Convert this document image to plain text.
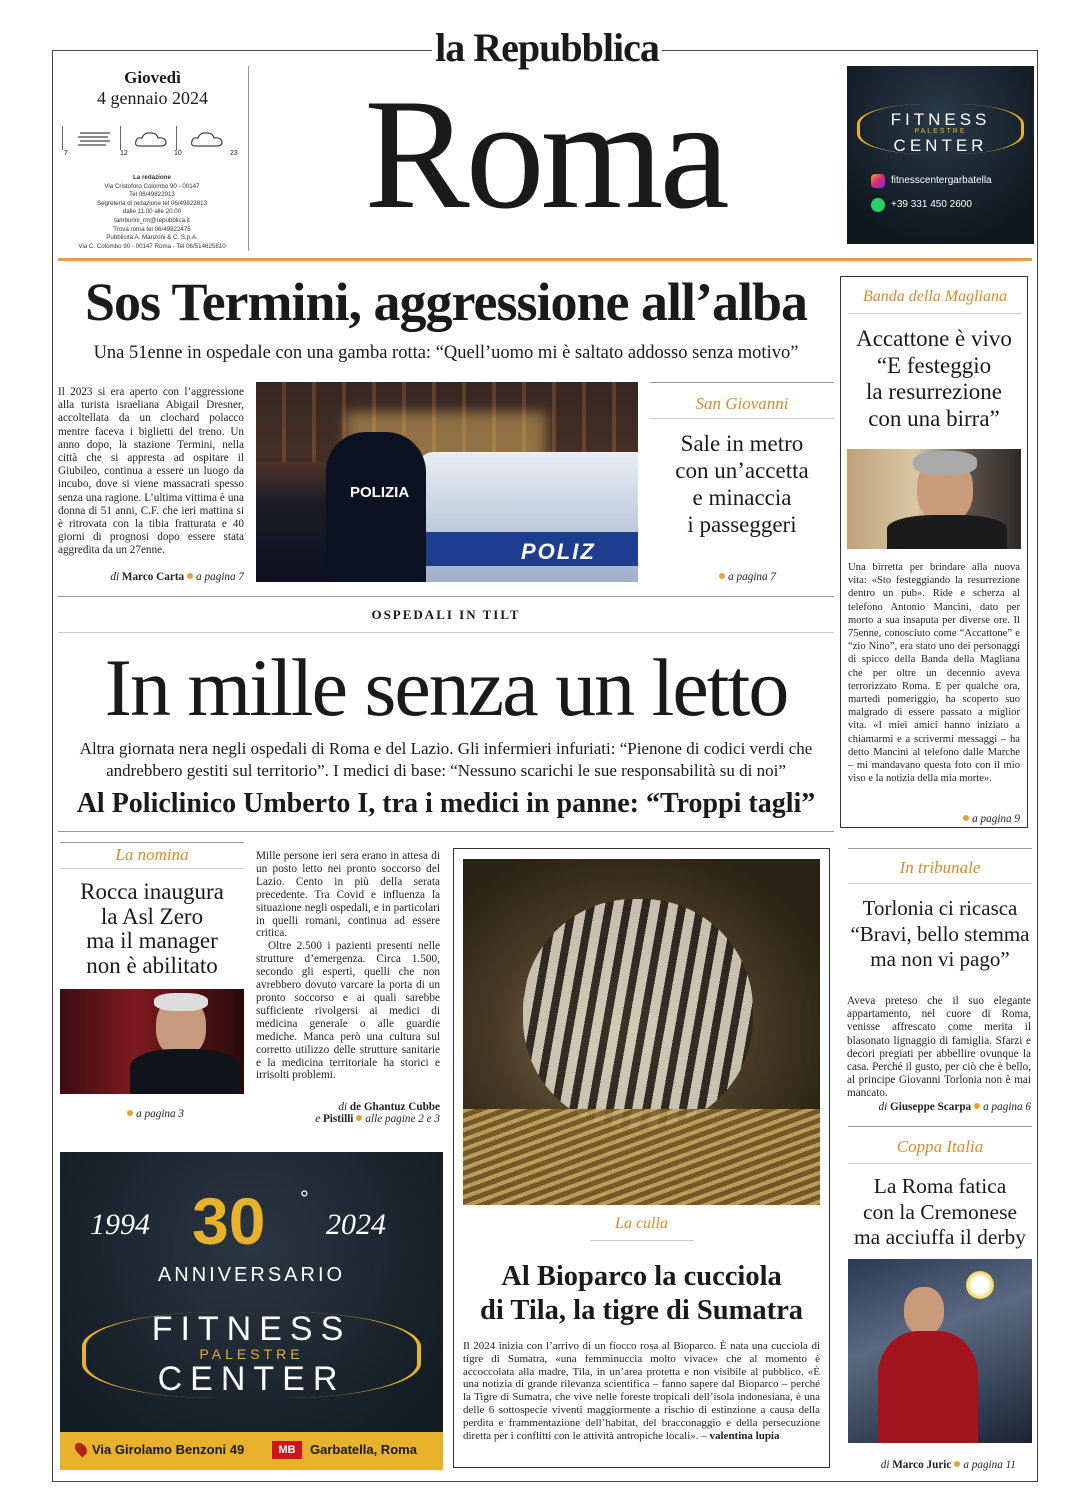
la Repubblica
Roma
Giovedì
4 gennaio 2024
7	12	10	23
La redazione
Via Cristoforo Colombo 90 - 00147
Tel 06/49822913
Segreteria di redazione tel 06/49822813
dalle 11.00 alle 20.00
tamburini_rm@repubblica.it
Trova roma tel 06/49822475
Pubblicità A. Manzoni & C. S.p.A.
Via C. Colombo 90 - 00147 Roma - Tel 06/514625810
FITNESS
PALESTRE
CENTER
fitnesscentergarbatella
+39 331 450 2600
Sos Termini, aggressione all’alba
Una 51enne in ospedale con una gamba rotta: “Quell’uomo mi è saltato addosso senza motivo”
Il 2023 si era aperto con l’aggressione alla turista israeliana Abigail Dresner, accoltellata da un clochard polacco mentre faceva i biglietti del treno. Un anno dopo, la stazione Termini, nella città che si appresta ad ospitare il Giubileo, continua a essere un luogo da incubo, dove si viene massacrati spesso senza una ragione. L’ultima vittima è una donna di 51 anni, C.F. che ieri mattina si è ritrovata con la tibia fratturata e 40 giorni di prognosi dopo essere stata aggredita da un 27enne.
di Marco Carta a pagina 7
POLIZ
POLIZIA
San Giovanni
Sale in metro
con un’accetta
e minaccia
i passeggeri
a pagina 7
Banda della Magliana
Accattone è vivo
“E festeggio
la resurrezione
con una birra”
Una birretta per brindare alla nuova vita: «Sto festeggiando la resurrezione dentro un pub». Ride e scherza al telefono Antonio Mancini, dato per morto a sua insaputa per diverse ore. Il 75enne, conosciuto come “Accattone” e “zio Nino”, era stato uno dei personaggi di spicco della Banda della Magliana che per oltre un decennio aveva terrorizzato Roma. E per qualche ora, martedì pomeriggio, ha scoperto suo malgrado di essere passato a miglior vita. «I miei amici hanno iniziato a chiamarmi e a scrivermi messaggi – ha detto Mancini al telefono dalle Marche – mi mandavano questa foto con il mio viso e la notizia della mia morte».
a pagina 9
OSPEDALI IN TILT
In mille senza un letto
Altra giornata nera negli ospedali di Roma e del Lazio. Gli infermieri infuriati: “Pienone di codici verdi che andrebbero gestiti sul territorio”. I medici di base: “Nessuno scarichi le sue responsabilità su di noi”
Al Policlinico Umberto I, tra i medici in panne: “Troppi tagli”
Mille persone ieri sera erano in attesa di un posto letto nei pronto soccorso del Lazio. Cento in più della serata precedente. Tra Covid e influenza la situazione negli ospedali, e in particolari in quelli romani, continua ad essere critica.
Oltre 2.500 i pazienti presenti nelle strutture d’emergenza. Circa 1.500, secondo gli esperti, quelli che non avrebbero dovuto varcare la porta di un pronto soccorso e ai quali sarebbe sufficiente rivolgersi ai medici di medicina generale o alle guardie mediche. Manca però una cultura sul corretto utilizzo delle strutture sanitarie e la medicina territoriale ha storici e irrisolti problemi.
di de Ghantuz Cubbe
e Pistilli alle pagine 2 e 3
La nomina
Rocca inaugura
la Asl Zero
ma il manager
non è abilitato
a pagina 3
La culla
Al Bioparco la cucciola
di Tila, la tigre di Sumatra
Il 2024 inizia con l’arrivo di un fiocco rosa al Bioparco. È nata una cucciola di tigre di Sumatra, «una femminuccia molto vivace» che al momento è accoccolata alla madre, Tila, in un’area protetta e non visibile al pubblico. «È una notizia di grande rilevanza scientifica – fanno sapere dal Bioparco – perché la Tigre di Sumatra, che vive nelle foreste tropicali dell’isola indonesiana, è una delle 6 sottospecie viventi maggiormente a rischio di estinzione a causa della perdita e frammentazione dell’habitat, del bracconaggio e della persecuzione diretta per i conflitti con le attività antropiche locali». – valentina lupia
In tribunale
Torlonia ci ricasca
“Bravi, bello stemma
ma non vi pago”
Aveva preteso che il suo elegante appartamento, nel cuore di Roma, venisse affrescato come merita il blasonato lignaggio di famiglia. Sfarzi e decori pregiati per abbellire ovunque la casa. Perché il gusto, per ciò che è bello, al principe Giovanni Torlonia non è mai mancato.
di Giuseppe Scarpa a pagina 6
Coppa Italia
La Roma fatica
con la Cremonese
ma acciuffa il derby
di Marco Juric a pagina 11
1994 30 °
2024
ANNIVERSARIO
FITNESS
PALESTRE
CENTER
Via Girolamo Benzoni 49	MB	Garbatella, Roma
